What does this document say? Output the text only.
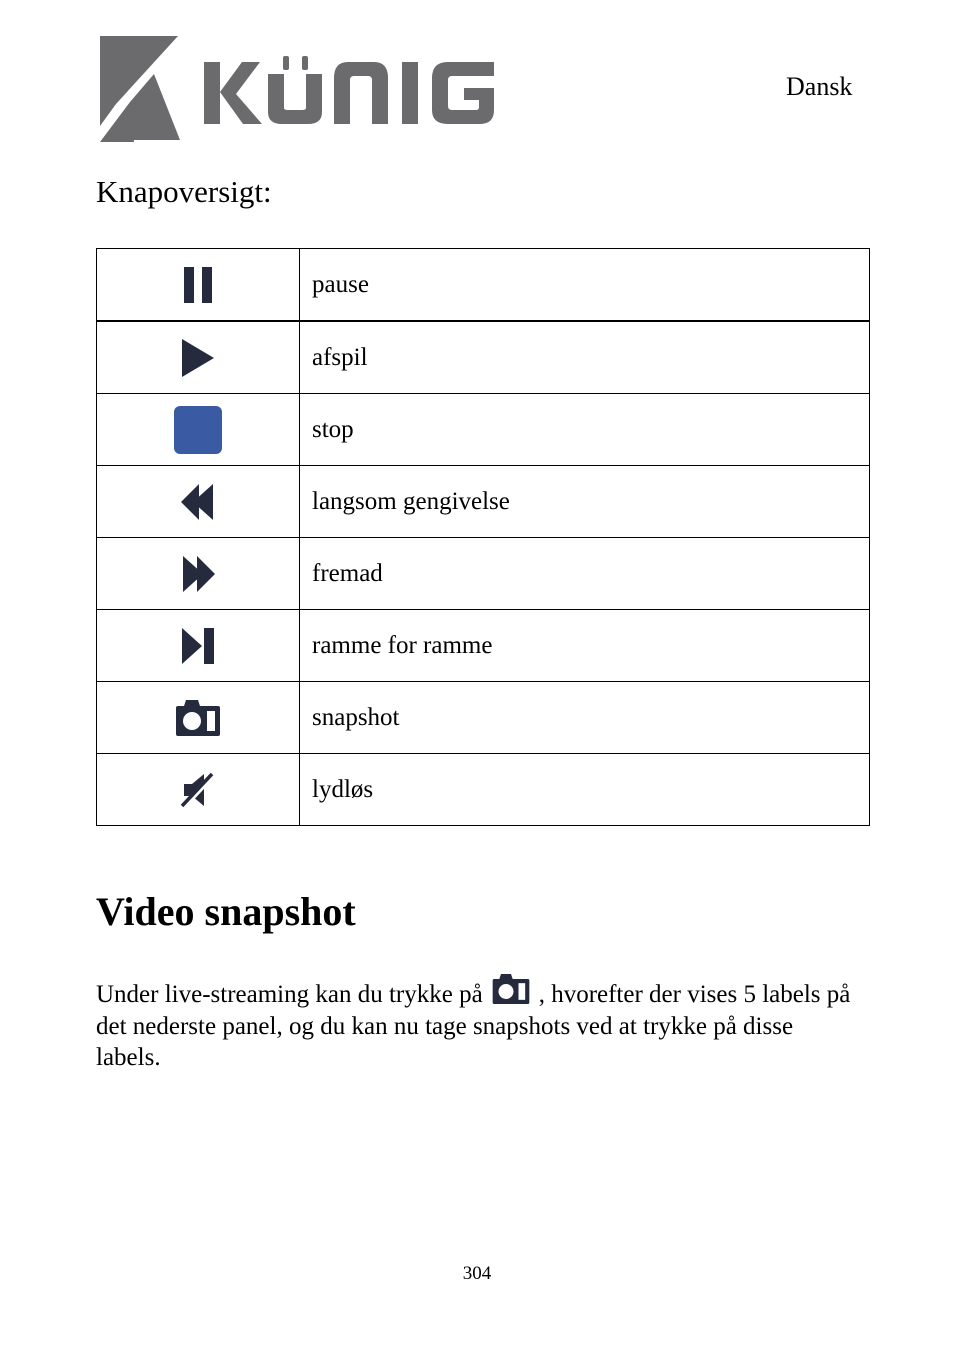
Dansk
Knapoversigt:
	pause
	afspil
	stop
	langsom gengivelse
	fremad
	ramme for ramme
	snapshot
	lydløs
Video snapshot
Under live-streaming kan du trykke på , hvorefter der vises 5 labels på det nederste panel, og du kan nu tage snapshots ved at trykke på disse labels.
304
